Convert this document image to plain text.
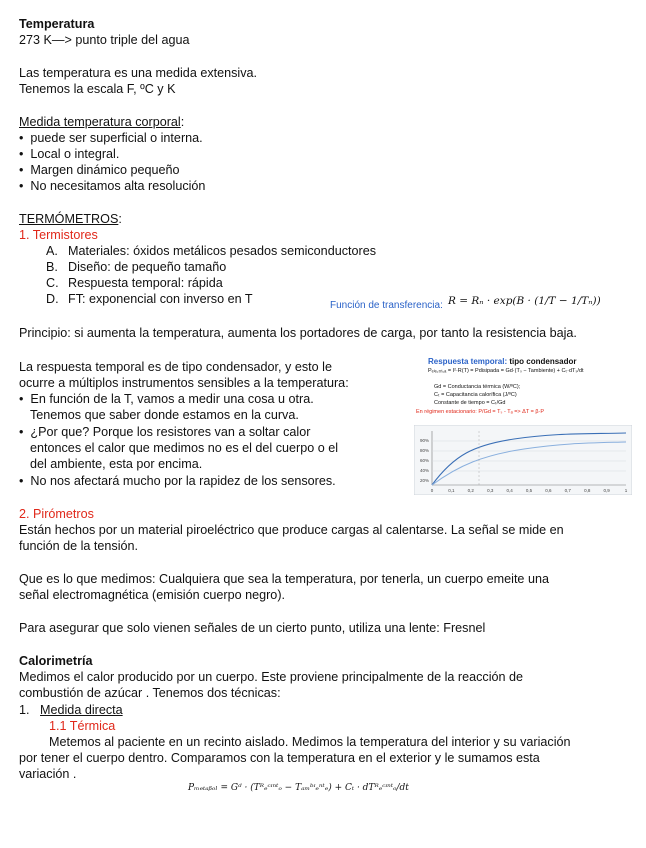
Temperatura
273 K—> punto triple del agua
Las temperatura es una medida extensiva.
Tenemos la escala F, ºC y K
Medida temperatura corporal:
•  puede ser superficial o interna.
•  Local o integral.
•  Margen dinámico pequeño
•  No necesitamos alta resolución
TERMÓMETROS:
1. Termistores
A. Materiales: óxidos metálicos pesados semiconductores
B. Diseño: de pequeño tamaño
C. Respuesta temporal: rápida
D. FT: exponencial con inverso en T	Función de transferencia: R = Rₙ · exp(B · (1/T − 1/Tₙ))
Principio: si aumenta la temperatura, aumenta los portadores de carga, por tanto la resistencia baja.
La respuesta temporal es de tipo condensador, y esto le
ocurre a múltiplos instrumentos sensibles a la temperatura:
•  En función de la T, vamos a medir una cosa u otra.
Tenemos que saber donde estamos en la curva.
•  ¿Por que? Porque los resistores van a soltar calor
entonces el calor que medimos no es el del cuerpo o el
del ambiente, esta por encima.
•  No nos afectará mucho por la rapidez de los sensores.
Respuesta temporal: tipo condensador
Pₑₗₑ꜀ₜᵣᵢ꜀ₐ = I²·R(T) = Pdisipada = Gd·(Tₛ − Tambiente) + Cₜ·dTₛ/dt
Gd = Conductancia térmica (W/ºC);
Cₜ = Capacitancia calorífica (J/ºC)
Constante de tiempo = Cₜ/Gd
En régimen estacionario: P/Gd = Tₛ - Tₐ => ΔT = β·P
0	0,1	0,2	0,3	0,4	0,5	0,6	0,7	0,8	0,9	1
90%
80%
60%
40%
20%
2. Pirómetros
Están hechos por un material piroeléctrico que produce cargas al calentarse. La señal se mide en
función de la tensión.
Que es lo que medimos: Cualquiera que sea la temperatura, por tenerla, un cuerpo emeite una
señal electromagnética (emisión cuerpo negro).
Para asegurar que solo vienen señales de un cierto punto, utiliza una lente: Fresnel
Calorimetría
Medimos el calor producido por un cuerpo. Este proviene principalmente de la reacción de
combustión de azúcar . Tenemos dos técnicas:
1. Medida directa
1.1 Térmica
Metemos al paciente en un recinto aislado. Medimos la temperatura del interior y su variación
por tener el cuerpo dentro. Comparamos con la temperatura en el exterior y le sumamos esta
variación .
Pₘₑₜₐᵦₒₗ = Gᵈ · (Tᴿₑᶜᶦⁿᵗₒ − Tₐₘᵇᶦₑⁿᵗₑ) + Cₜ · dTᴿₑᶜᶦⁿᵗₒ/dt
